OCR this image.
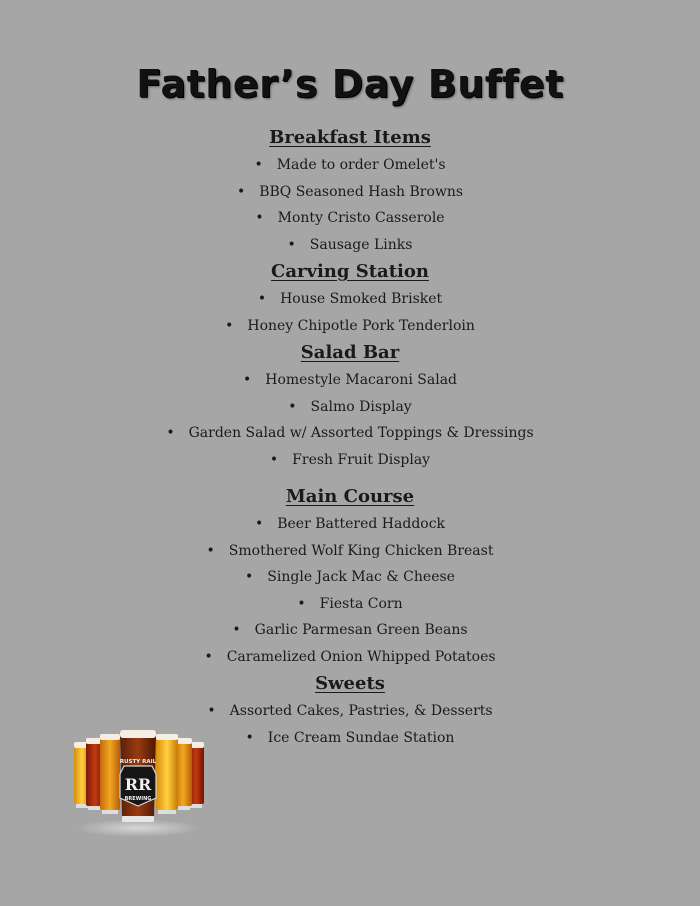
Father’s Day Buffet
Breakfast Items
• Made to order Omelet's
• BBQ Seasoned Hash Browns
• Monty Cristo Casserole
• Sausage Links
Carving Station
• House Smoked Brisket
• Honey Chipotle Pork Tenderloin
Salad Bar
• Homestyle Macaroni Salad
• Salmo Display
• Garden Salad w/ Assorted Toppings & Dressings
• Fresh Fruit Display
Main Course
• Beer Battered Haddock
• Smothered Wolf King Chicken Breast
• Single Jack Mac & Cheese
• Fiesta Corn
• Garlic Parmesan Green Beans
• Caramelized Onion Whipped Potatoes
Sweets
• Assorted Cakes, Pastries, & Desserts
• Ice Cream Sundae Station
RUSTY RAIL
RR
BREWING
